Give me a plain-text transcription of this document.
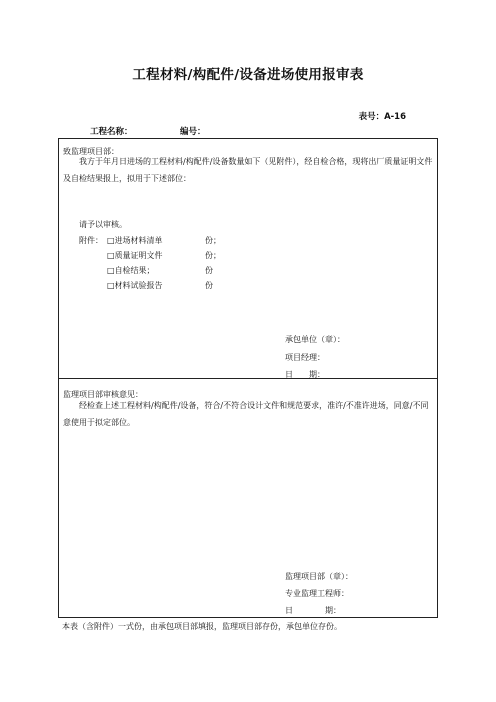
工程材料/构配件/设备进场使用报审表
表号：A-16
工程名称：	编号：
致监理项目部：
我方于年月日进场的工程材料/构配件/设备数量如下（见附件），经自检合格，现将出厂质量证明文件及自检结果报上，拟用于下述部位：
请予以审核。
附件： □进场材料清单	份；
□质量证明文件	份；
□自检结果；	份
□材料试验报告	份
承包单位（章）：
项目经理：
日　　期：
监理项目部审核意见：
经检查上述工程材料/构配件/设备，符合/不符合设计文件和规范要求，准许/不准许进场，同意/不同意使用于拟定部位。
监理项目部（章）：
专业监理工程师：
日　　　　期：
本表（含附件）一式份，由承包项目部填报，监理项目部存份，承包单位存份。
